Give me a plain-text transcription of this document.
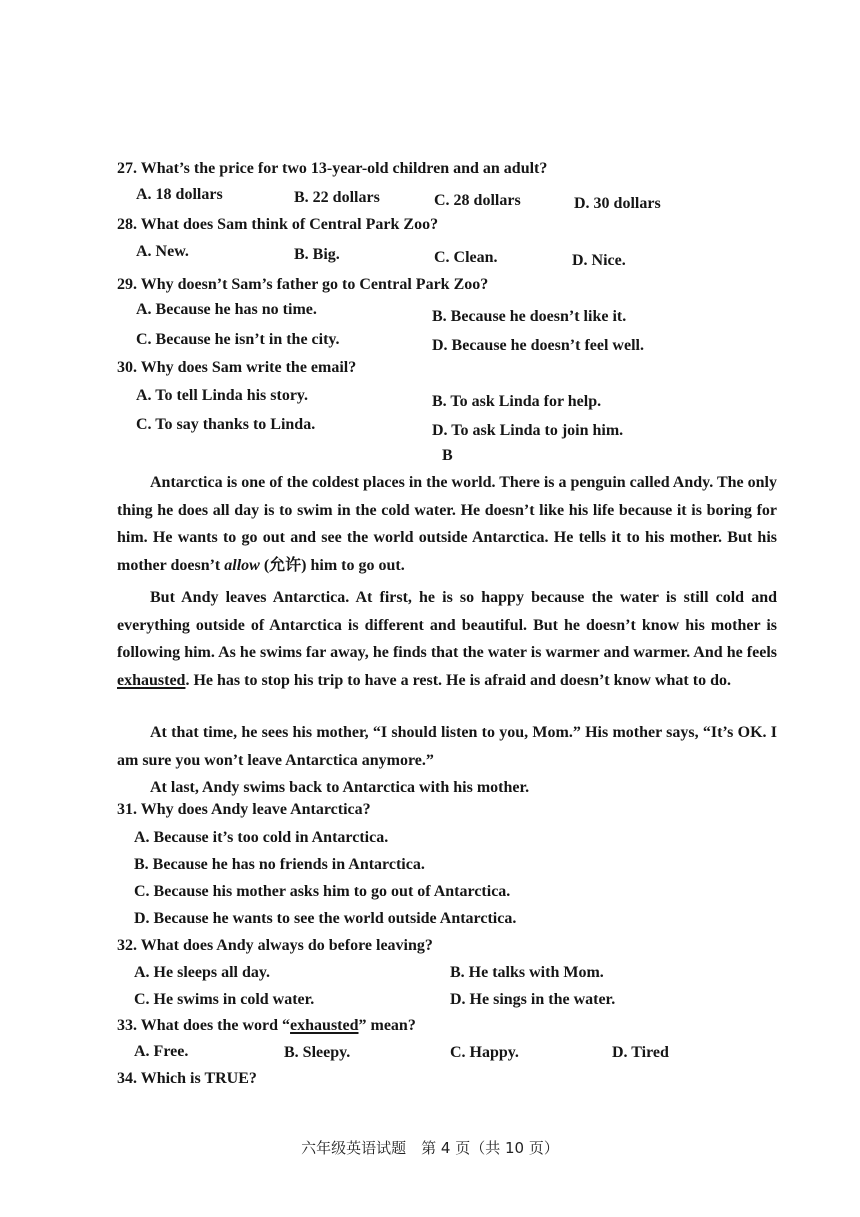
27. What’s the price for two 13-year-old children and an adult?
A. 18 dollars	B. 22 dollars	C. 28 dollars	D. 30 dollars
28. What does Sam think of Central Park Zoo?
A. New.	B. Big.	C. Clean.	D. Nice.
29. Why doesn’t Sam’s father go to Central Park Zoo?
A. Because he has no time.	B. Because he doesn’t like it.
C. Because he isn’t in the city.	D. Because he doesn’t feel well.
30. Why does Sam write the email?
A. To tell Linda his story.	B. To ask Linda for help.
C. To say thanks to Linda.	D. To ask Linda to join him.
B
Antarctica is one of the coldest places in the world. There is a penguin called Andy. The only thing he does all day is to swim in the cold water. He doesn’t like his life because it is boring for him. He wants to go out and see the world outside Antarctica. He tells it to his mother. But his mother doesn’t allow (允许) him to go out.
But Andy leaves Antarctica. At first, he is so happy because the water is still cold and everything outside of Antarctica is different and beautiful. But he doesn’t know his mother is following him. As he swims far away, he finds that the water is warmer and warmer. And he feels exhausted. He has to stop his trip to have a rest. He is afraid and doesn’t know what to do.
At that time, he sees his mother, “I should listen to you, Mom.” His mother says, “It’s OK. I am sure you won’t leave Antarctica anymore.”
At last, Andy swims back to Antarctica with his mother.
31. Why does Andy leave Antarctica?
A. Because it’s too cold in Antarctica.
B. Because he has no friends in Antarctica.
C. Because his mother asks him to go out of Antarctica.
D. Because he wants to see the world outside Antarctica.
32. What does Andy always do before leaving?
A. He sleeps all day.	B. He talks with Mom.
C. He swims in cold water.	D. He sings in the water.
33. What does the word “exhausted” mean?
A. Free.	B. Sleepy.	C. Happy.	D. Tired
34. Which is TRUE?
六年级英语试题　第 4 页（共 10 页）
